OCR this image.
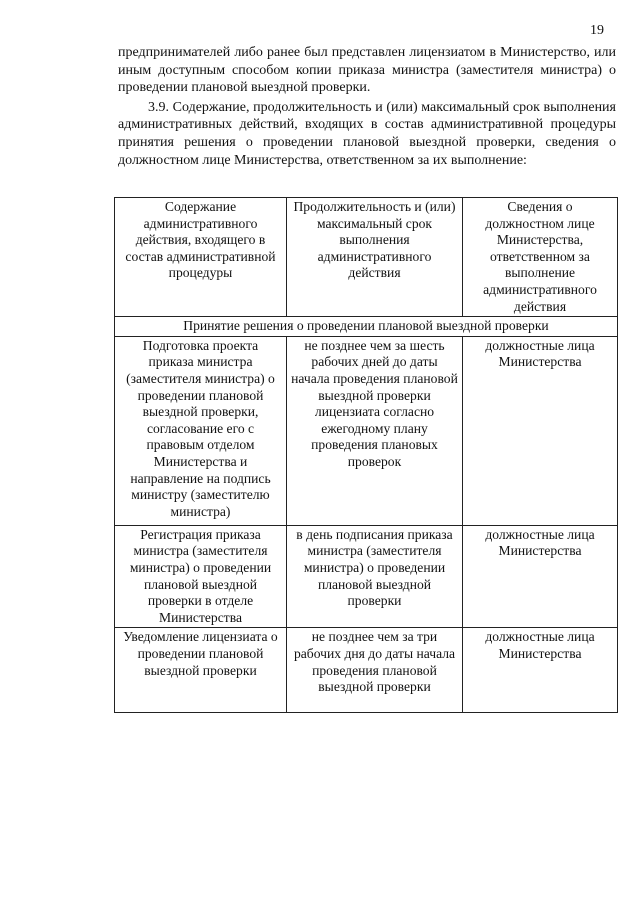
19

предпринимателей либо ранее был представлен лицензиатом в Министерство, или иным доступным способом копии приказа министра (заместителя министра) о проведении плановой выездной проверки.

3.9. Содержание, продолжительность и (или) максимальный срок выполнения административных действий, входящих в состав административной процедуры принятия решения о проведении плановой выездной проверки, сведения о должностном лице Министерства, ответственном за их выполнение:

Содержание административного действия, входящего в состав административной процедуры	Продолжительность и (или) максимальный срок выполнения административного действия	Сведения о должностном лице Министерства, ответственном за выполнение административного действия
Принятие решения о проведении плановой выездной проверки		
Подготовка проекта приказа министра (заместителя министра) о проведении плановой выездной проверки, согласование его с правовым отделом Министерства и направление на подпись министру (заместителю министра)	не позднее чем за шесть рабочих дней до даты начала проведения плановой выездной проверки лицензиата согласно ежегодному плану проведения плановых проверок	должностные лица Министерства
Регистрация приказа министра (заместителя министра) о проведении плановой выездной проверки в отделе Министерства	в день подписания приказа министра (заместителя министра) о проведении плановой выездной проверки	должностные лица Министерства
Уведомление лицензиата о проведении плановой выездной проверки	не позднее чем за три рабочих дня до даты начала проведения плановой выездной проверки	должностные лица Министерства
